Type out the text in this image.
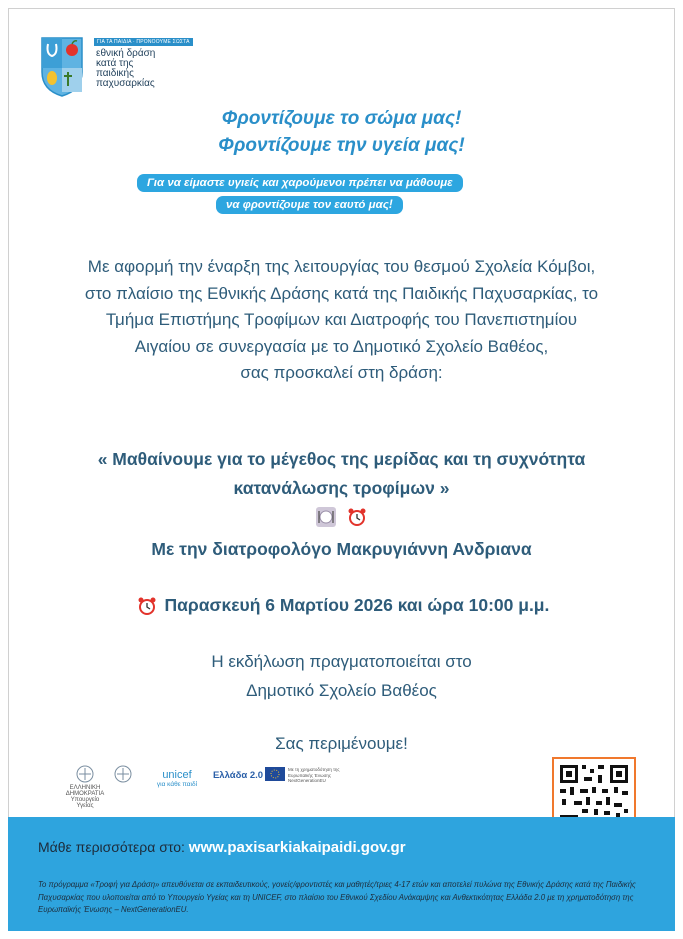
ΓΙΑ ΤΑ ΠΑΙΔΙΑ · ΠΡΟΝΟΟΥΜΕ ΣΩΣΤΑ
εθνική δράση
κατά της
παιδικής
παχυσαρκίας
Φροντίζουμε το σώμα μας!
Φροντίζουμε την υγεία μας!
Για να είμαστε υγιείς και χαρούμενοι πρέπει να μάθουμε
να φροντίζουμε τον εαυτό μας!
Με αφορμή την έναρξη της λειτουργίας του θεσμού Σχολεία Κόμβοι,
στο πλαίσιο της Εθνικής Δράσης κατά της Παιδικής Παχυσαρκίας, το
Τμήμα Επιστήμης Τροφίμων και Διατροφής του Πανεπιστημίου
Αιγαίου σε συνεργασία με το Δημοτικό Σχολείο Βαθέος,
σας προσκαλεί στη δράση:
« Μαθαίνουμε για το μέγεθος της μερίδας και τη συχνότητα
κατανάλωσης τροφίμων »

Με την διατροφολόγο Μακρυγιάννη Ανδριανα
Παρασκευή 6 Μαρτίου 2026 και ώρα 10:00 μ.μ.
Η εκδήλωση πραγματοποιείται στο
Δημοτικό Σχολείο Βαθέος
Σας περιμένουμε!
ΕΛΛΗΝΙΚΗ ΔΗΜΟΚΡΑΤΙΑ
Υπουργείο Υγείας
unicef
για κάθε παιδί
Ελλάδα 2.0
Με τη χρηματοδότηση της Ευρωπαϊκής Ένωσης NextGenerationEU
Μάθε περισσότερα στο: www.paxisarkiakaipaidi.gov.gr
Το πρόγραμμα «Τροφή για Δράση» απευθύνεται σε εκπαιδευτικούς, γονείς/φροντιστές και μαθητές/τριες 4-17 ετών και αποτελεί πυλώνα της Εθνικής Δράσης κατά της Παιδικής Παχυσαρκίας που υλοποιείται από το Υπουργείο Υγείας και τη UNICEF, στο πλαίσιο του Εθνικού Σχεδίου Ανάκαμψης και Ανθεκτικότητας Ελλάδα 2.0 με τη χρηματοδότηση της Ευρωπαϊκής Ένωσης – NextGenerationEU.
